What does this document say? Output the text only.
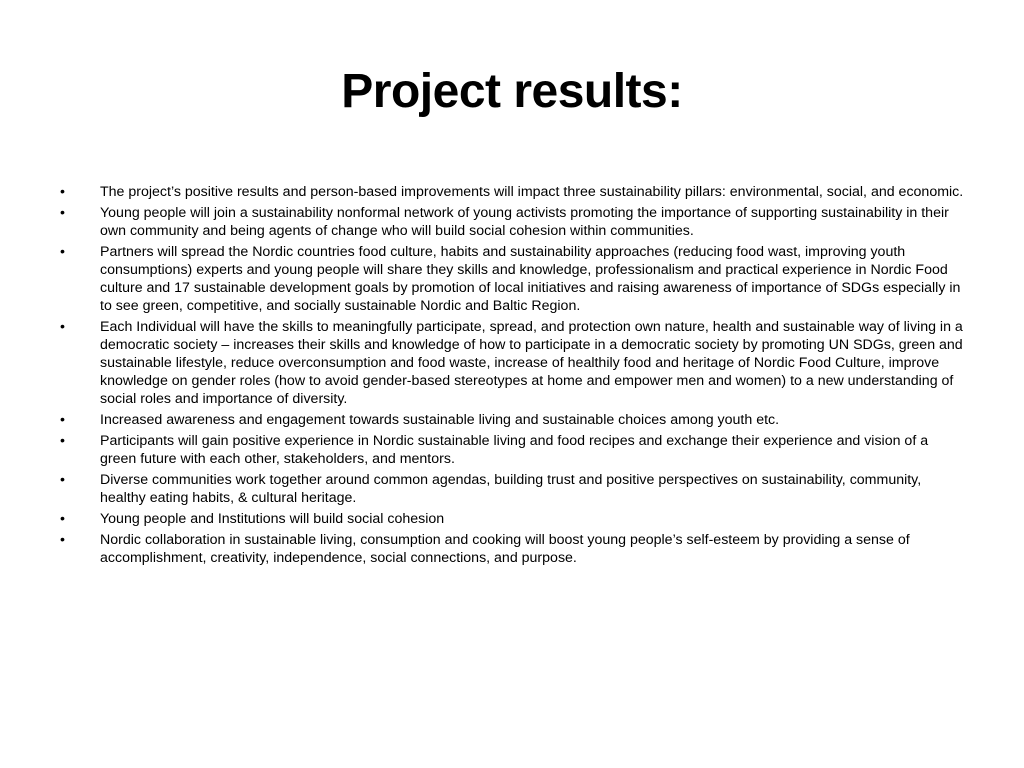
Project results:
•	The project’s positive results and person-based improvements will impact three sustainability pillars: environmental, social, and economic.
•	Young people will join a sustainability nonformal network of young activists promoting the importance of supporting sustainability in their own community and being agents of change who will build social cohesion within communities.
•	Partners will spread the Nordic countries food culture, habits and sustainability approaches (reducing food wast, improving youth consumptions) experts and young people will share they skills and knowledge, professionalism and practical experience in Nordic Food culture and 17 sustainable development goals by promotion of local initiatives and raising awareness of importance of SDGs especially in to see green, competitive, and socially sustainable Nordic and Baltic Region.
•	Each Individual will have the skills to meaningfully participate, spread, and protection own nature, health and sustainable way of living in a democratic society – increases their skills and knowledge of how to participate in a democratic society by promoting UN SDGs, green and sustainable lifestyle, reduce overconsumption and food waste, increase of healthily food and heritage of Nordic Food Culture, improve knowledge on gender roles (how to avoid gender-based stereotypes at home and empower men and women) to a new understanding of social roles and importance of diversity.
•	Increased awareness and engagement towards sustainable living and sustainable choices among youth etc.
•	Participants will gain positive experience in Nordic sustainable living and food recipes and exchange their experience and vision of a green future with each other, stakeholders, and mentors.
•	Diverse communities work together around common agendas, building trust and positive perspectives on sustainability, community, healthy eating habits, & cultural heritage.
•	Young people and Institutions will build social cohesion
•	Nordic collaboration in sustainable living, consumption and cooking will boost young people’s self-esteem by providing a sense of accomplishment, creativity, independence, social connections, and purpose.
